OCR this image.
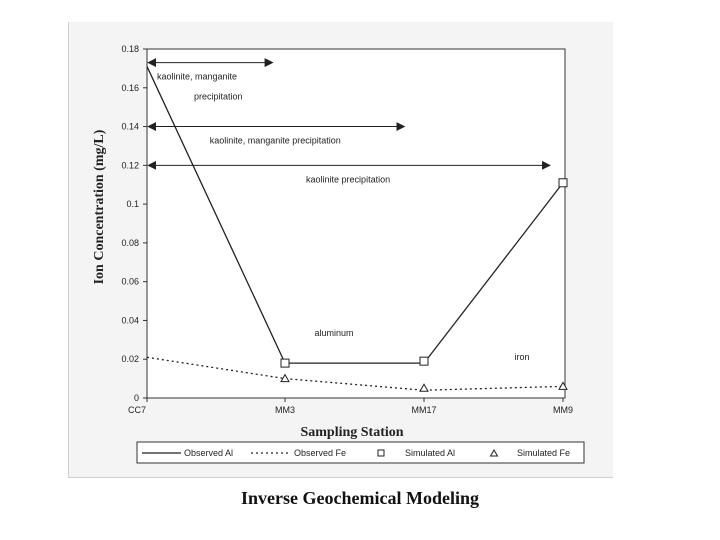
0
0.02
0.04
0.06
0.08
0.1
0.12
0.14
0.16
0.18
CC7	MM3	MM17	MM9
kaolinite, manganite
precipitation
kaolinite, manganite precipitation
kaolinite precipitation
Ion Concentration (mg/L)
Sampling Station
aluminum
iron
Observed Al	Observed Fe	Simulated Al	Simulated Fe
Inverse Geochemical Modeling
